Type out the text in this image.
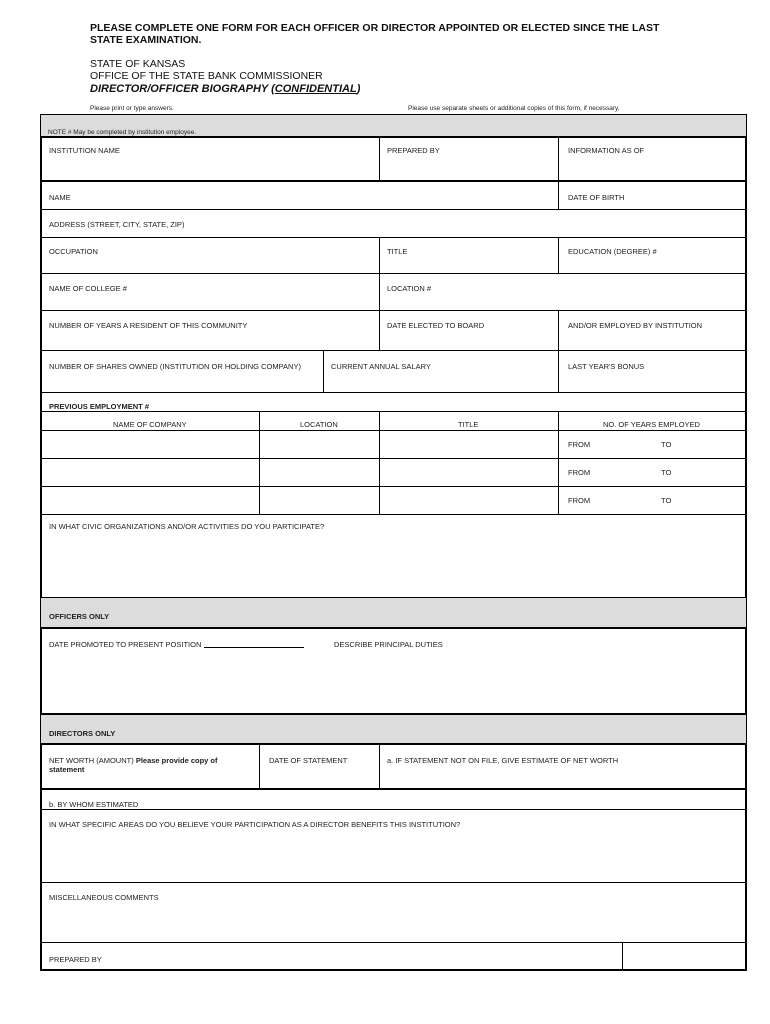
PLEASE COMPLETE ONE FORM FOR EACH OFFICER OR DIRECTOR APPOINTED OR ELECTED SINCE THE LAST STATE EXAMINATION.
STATE OF KANSAS
OFFICE OF THE STATE BANK COMMISSIONER
DIRECTOR/OFFICER BIOGRAPHY (CONFIDENTIAL)
Please print or type answers.	Please use separate sheets or additional copies of this form, if necessary.
NOTE # May be completed by institution employee.
INSTITUTION NAME	PREPARED BY	INFORMATION AS OF
NAME	DATE OF BIRTH
ADDRESS (STREET, CITY, STATE, ZIP)
OCCUPATION	TITLE	EDUCATION (DEGREE) #
NAME OF COLLEGE #	LOCATION #
NUMBER OF YEARS A RESIDENT OF THIS COMMUNITY	DATE ELECTED TO BOARD	AND/OR EMPLOYED BY INSTITUTION
NUMBER OF SHARES OWNED (INSTITUTION OR HOLDING COMPANY)	CURRENT ANNUAL SALARY	LAST YEAR'S BONUS
PREVIOUS EMPLOYMENT #
NAME OF COMPANY	LOCATION	TITLE	NO. OF YEARS EMPLOYED
FROM	TO
FROM	TO
FROM	TO
IN WHAT CIVIC ORGANIZATIONS AND/OR ACTIVITIES DO YOU PARTICIPATE?
OFFICERS ONLY
DATE PROMOTED TO PRESENT POSITION	DESCRIBE PRINCIPAL DUTIES
DIRECTORS ONLY
NET WORTH (AMOUNT) Please provide copy of
statement
DATE OF STATEMENT	a. IF STATEMENT NOT ON FILE, GIVE ESTIMATE OF NET WORTH
b. BY WHOM ESTIMATED
IN WHAT SPECIFIC AREAS DO YOU BELIEVE YOUR PARTICIPATION AS A DIRECTOR BENEFITS THIS INSTITUTION?
MISCELLANEOUS COMMENTS
PREPARED BY
